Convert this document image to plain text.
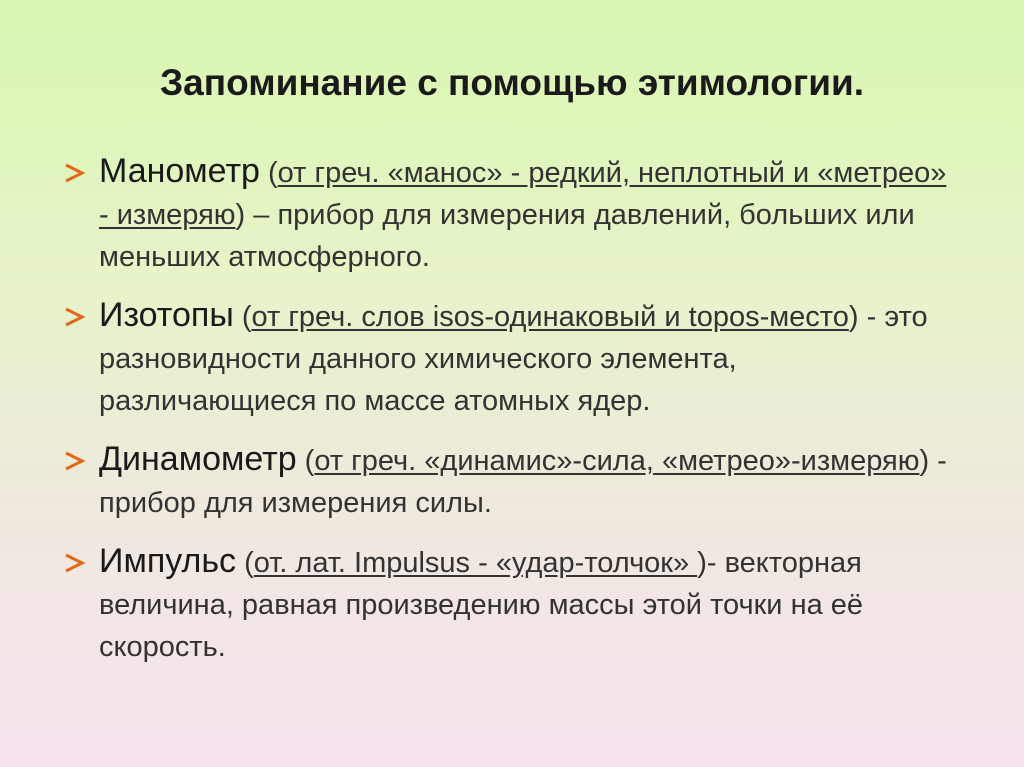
Запоминание с помощью этимологии.
Манометр (от греч. «манос» - редкий, неплотный и «метрео» - измеряю) – прибор для измерения давлений, больших или меньших атмосферного.
Изотопы (от греч. слов isos-одинаковый и topos-место) - это разновидности данного химического элемента, различающиеся по массе атомных ядер.
Динамометр (от греч. «динамис»-сила, «метрео»-измеряю) - прибор для измерения силы.
Импульс (от. лат. Impulsus - «удар-толчок» )- векторная величина, равная произведению массы этой точки на её скорость.
